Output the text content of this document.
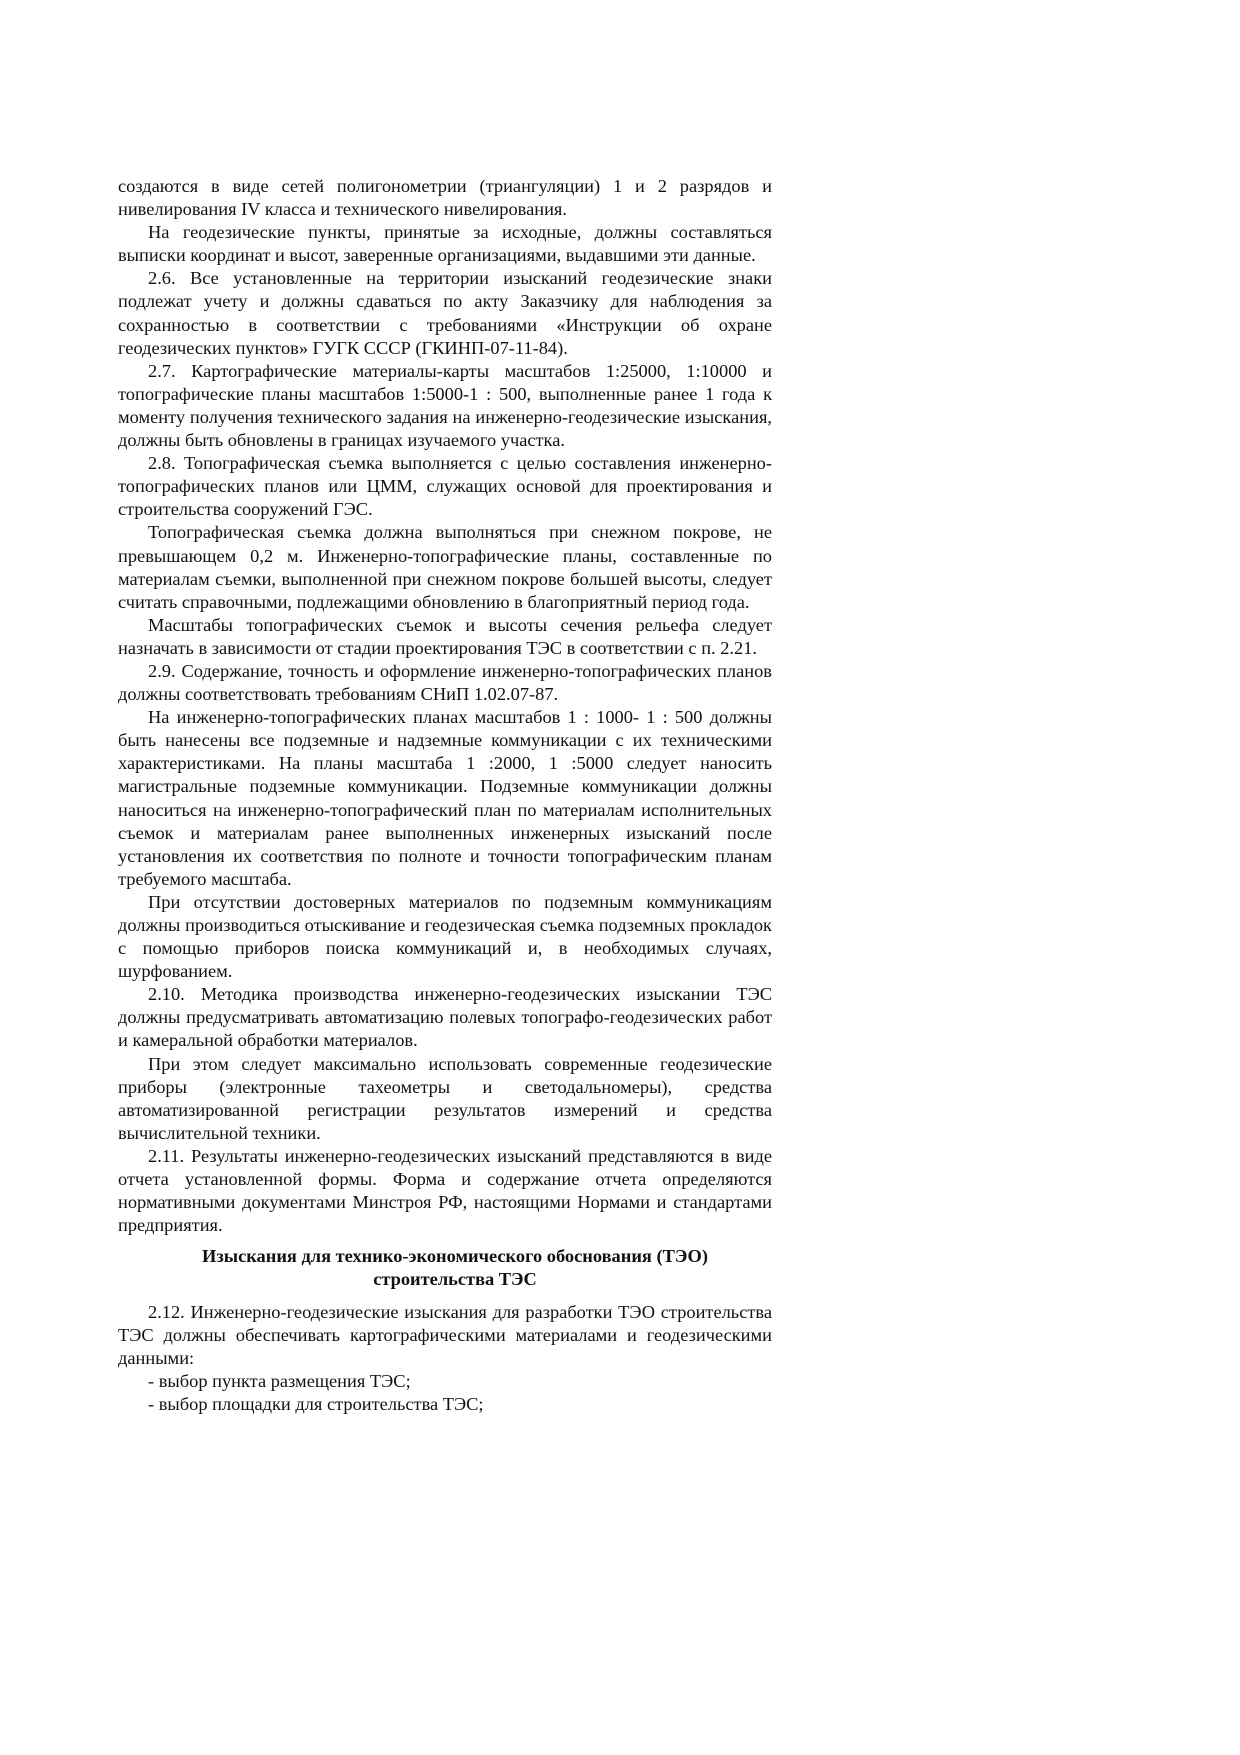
создаются в виде сетей полигонометрии (триангуляции) 1 и 2 разрядов и нивелирования IV класса и технического нивелирования.

На геодезические пункты, принятые за исходные, должны составляться выписки координат и высот, заверенные организациями, выдавшими эти данные.

2.6. Все установленные на территории изысканий геодезические знаки подлежат учету и должны сдаваться по акту Заказчику для наблюдения за сохранностью в соответствии с требованиями «Инструкции об охране геодезических пунктов» ГУГК СССР (ГКИНП-07-11-84).

2.7. Картографические материалы-карты масштабов 1:25000, 1:10000 и топографические планы масштабов 1:5000-1 : 500, выполненные ранее 1 года к моменту получения технического задания на инженерно-геодезические изыскания, должны быть обновлены в границах изучаемого участка.

2.8. Топографическая съемка выполняется с целью составления инженерно-топографических планов или ЦММ, служащих основой для проектирования и строительства сооружений ГЭС.

Топографическая съемка должна выполняться при снежном покрове, не превышающем 0,2 м. Инженерно-топографические планы, составленные по материалам съемки, выполненной при снежном покрове большей высоты, следует считать справочными, подлежащими обновлению в благоприятный период года.

Масштабы топографических съемок и высоты сечения рельефа следует назначать в зависимости от стадии проектирования ТЭС в соответствии с п. 2.21.

2.9. Содержание, точность и оформление инженерно-топографических планов должны соответствовать требованиям СНиП 1.02.07-87.

На инженерно-топографических планах масштабов 1 : 1000- 1 : 500 должны быть нанесены все подземные и надземные коммуникации с их техническими характеристиками. На планы масштаба 1 :2000, 1 :5000 следует наносить магистральные подземные коммуникации. Подземные коммуникации должны наноситься на инженерно-топографический план по материалам исполнительных съемок и материалам ранее выполненных инженерных изысканий после установления их соответствия по полноте и точности топографическим планам требуемого масштаба.

При отсутствии достоверных материалов по подземным коммуникациям должны производиться отыскивание и геодезическая съемка подземных прокладок с помощью приборов поиска коммуникаций и, в необходимых случаях, шурфованием.

2.10. Методика производства инженерно-геодезических изыскании ТЭС должны предусматривать автоматизацию полевых топографо-геодезических работ и камеральной обработки материалов.

При этом следует максимально использовать современные геодезические приборы (электронные тахеометры и светодальномеры), средства автоматизированной регистрации результатов измерений и средства вычислительной техники.

2.11. Результаты инженерно-геодезических изысканий представляются в виде отчета установленной формы. Форма и содержание отчета определяются нормативными документами Минстроя РФ, настоящими Нормами и стандартами предприятия.

Изыскания для технико-экономического обоснования (ТЭО)
строительства ТЭС

2.12. Инженерно-геодезические изыскания для разработки ТЭО строительства ТЭС должны обеспечивать картографическими материалами и геодезическими данными:

- выбор пункта размещения ТЭС;

- выбор площадки для строительства ТЭС;
